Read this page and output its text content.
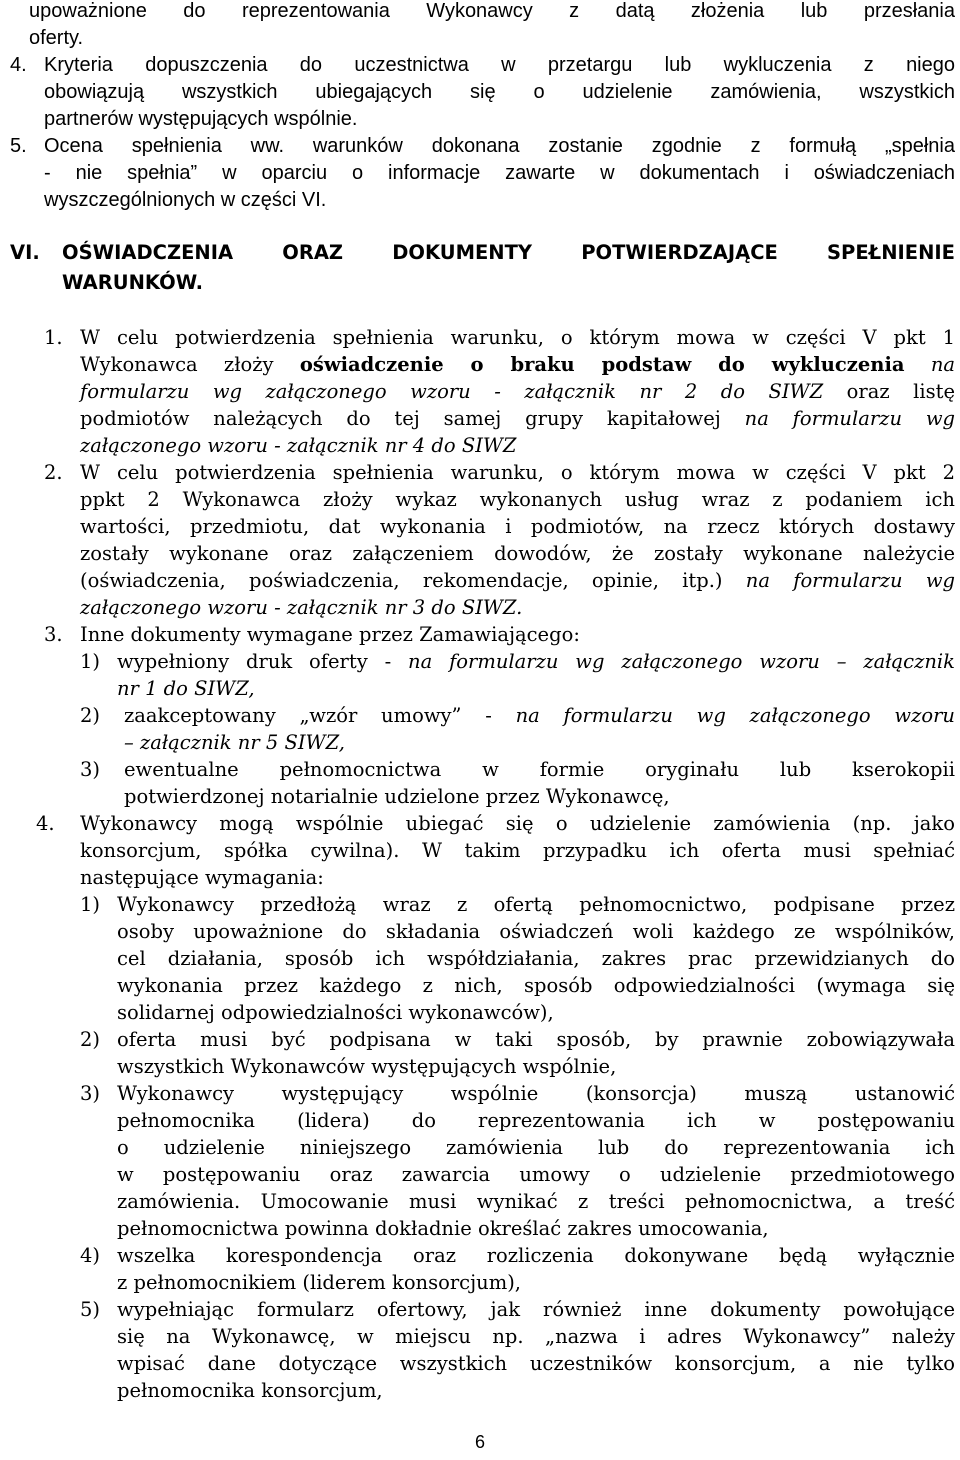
upoważnione do reprezentowania Wykonawcy z datą złożenia lub przesłania
oferty.
4. Kryteria dopuszczenia do uczestnictwa w przetargu lub wykluczenia z niego
obowiązują wszystkich ubiegających się o udzielenie zamówienia, wszystkich
partnerów występujących wspólnie.
5. Ocena spełnienia ww. warunków dokonana zostanie zgodnie z formułą „spełnia
- nie spełnia” w oparciu o informacje zawarte w dokumentach i oświadczeniach
wyszczególnionych w części VI.
VI. OŚWIADCZENIA	ORAZ	DOKUMENTY	POTWIERDZAJĄCE	SPEŁNIENIE
WARUNKÓW.
1. W celu potwierdzenia spełnienia warunku, o którym mowa w części V pkt 1
Wykonawca złoży oświadczenie o braku podstaw do wykluczenia na
formularzu wg załączonego wzoru - załącznik nr 2 do SIWZ oraz listę
podmiotów należących do tej samej grupy kapitałowej na formularzu wg
załączonego wzoru - załącznik nr 4 do SIWZ
2. W celu potwierdzenia spełnienia warunku, o którym mowa w części V pkt 2
ppkt 2 Wykonawca złoży wykaz wykonanych usług wraz z podaniem ich
wartości, przedmiotu, dat wykonania i podmiotów, na rzecz których dostawy
zostały wykonane oraz załączeniem dowodów, że zostały wykonane należycie
(oświadczenia, poświadczenia, rekomendacje, opinie, itp.) na formularzu wg
załączonego wzoru - załącznik nr 3 do SIWZ.
3. Inne dokumenty wymagane przez Zamawiającego:
1) wypełniony druk oferty - na formularzu wg załączonego wzoru – załącznik
nr 1 do SIWZ,
2) zaakceptowany „wzór umowy” - na formularzu wg załączonego wzoru
– załącznik nr 5 SIWZ,
3) ewentualne pełnomocnictwa w formie oryginału lub kserokopii
potwierdzonej notarialnie udzielone przez Wykonawcę,
4. Wykonawcy mogą wspólnie ubiegać się o udzielenie zamówienia (np. jako
konsorcjum, spółka cywilna). W takim przypadku ich oferta musi spełniać
następujące wymagania:
1) Wykonawcy przedłożą wraz z ofertą pełnomocnictwo, podpisane przez
osoby upoważnione do składania oświadczeń woli każdego ze wspólników,
cel działania, sposób ich współdziałania, zakres prac przewidzianych do
wykonania przez każdego z nich, sposób odpowiedzialności (wymaga się
solidarnej odpowiedzialności wykonawców),
2) oferta musi być podpisana w taki sposób, by prawnie zobowiązywała
wszystkich Wykonawców występujących wspólnie,
3) Wykonawcy występujący wspólnie (konsorcja) muszą ustanowić
pełnomocnika (lidera) do reprezentowania ich w postępowaniu
o udzielenie niniejszego zamówienia lub do reprezentowania ich
w postępowaniu oraz zawarcia umowy o udzielenie przedmiotowego
zamówienia. Umocowanie musi wynikać z treści pełnomocnictwa, a treść
pełnomocnictwa powinna dokładnie określać zakres umocowania,
4) wszelka korespondencja oraz rozliczenia dokonywane będą wyłącznie
z pełnomocnikiem (liderem konsorcjum),
5) wypełniając formularz ofertowy, jak również inne dokumenty powołujące
się na Wykonawcę, w miejscu np. „nazwa i adres Wykonawcy” należy
wpisać dane dotyczące wszystkich uczestników konsorcjum, a nie tylko
pełnomocnika konsorcjum,
6
